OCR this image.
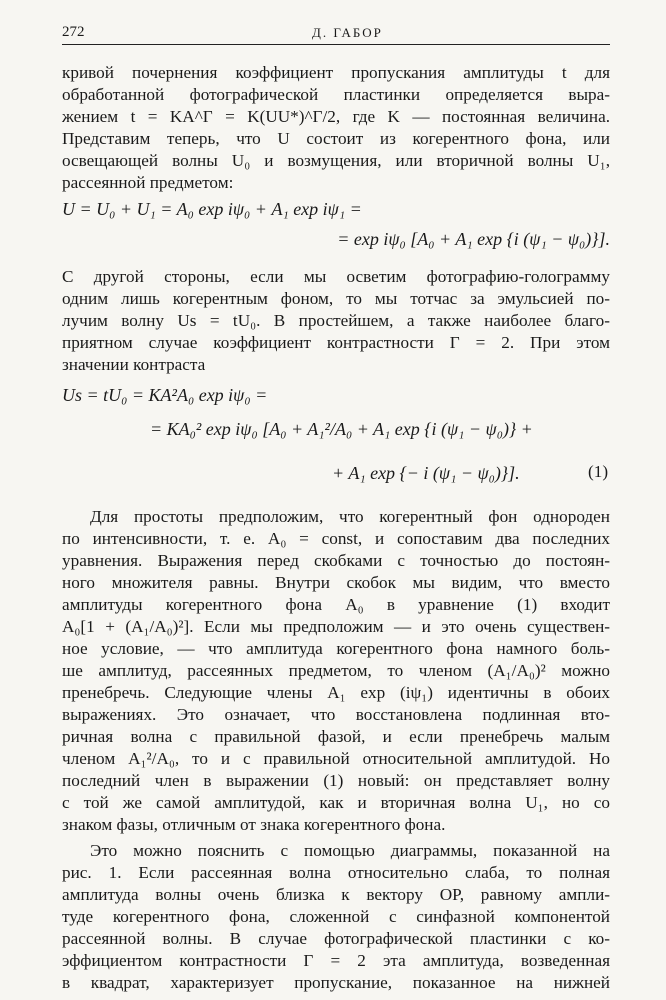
272	Д. ГАБОР
кривой почернения коэффициент пропускания амплитуды t для
обработанной фотографической пластинки определяется выра-
жением t = KA^Γ = K(UU*)^Γ/2, где K — постоянная величина.
Представим теперь, что U состоит из когерентного фона, или
освещающей волны U₀ и возмущения, или вторичной волны U₁,
рассеянной предметом:
U = U₀ + U₁ = A₀ exp iψ₀ + A₁ exp iψ₁ =
= exp iψ₀ [A₀ + A₁ exp {i (ψ₁ − ψ₀)}].
С другой стороны, если мы осветим фотографию-голограмму
одним лишь когерентным фоном, то мы тотчас за эмульсией по-
лучим волну Us = tU₀. В простейшем, а также наиболее благо-
приятном случае коэффициент контрастности Γ = 2. При этом
значении контраста
Us = tU₀ = KA²A₀ exp iψ₀ =
= KA₀² exp iψ₀ [A₀ + A₁²/A₀ + A₁ exp {i (ψ₁ − ψ₀)} +
+ A₁ exp {− i (ψ₁ − ψ₀)}].	(1)
Для простоты предположим, что когерентный фон однороден
по интенсивности, т. е. A₀ = const, и сопоставим два последних
уравнения. Выражения перед скобками с точностью до постоян-
ного множителя равны. Внутри скобок мы видим, что вместо
амплитуды когерентного фона A₀ в уравнение (1) входит
A₀[1 + (A₁/A₀)²]. Если мы предположим — и это очень существен-
ное условие, — что амплитуда когерентного фона намного боль-
ше амплитуд, рассеянных предметом, то членом (A₁/A₀)² можно
пренебречь. Следующие члены A₁ exp (iψ₁) идентичны в обоих
выражениях. Это означает, что восстановлена подлинная вто-
ричная волна с правильной фазой, и если пренебречь малым
членом A₁²/A₀, то и с правильной относительной амплитудой. Но
последний член в выражении (1) новый: он представляет волну
с той же самой амплитудой, как и вторичная волна U₁, но со
знаком фазы, отличным от знака когерентного фона.
Это можно пояснить с помощью диаграммы, показанной на
рис. 1. Если рассеянная волна относительно слаба, то полная
амплитуда волны очень близка к вектору OP, равному ампли-
туде когерентного фона, сложенной с синфазной компонентой
рассеянной волны. В случае фотографической пластинки с ко-
эффициентом контрастности Γ = 2 эта амплитуда, возведенная
в квадрат, характеризует пропускание, показанное на нижней
